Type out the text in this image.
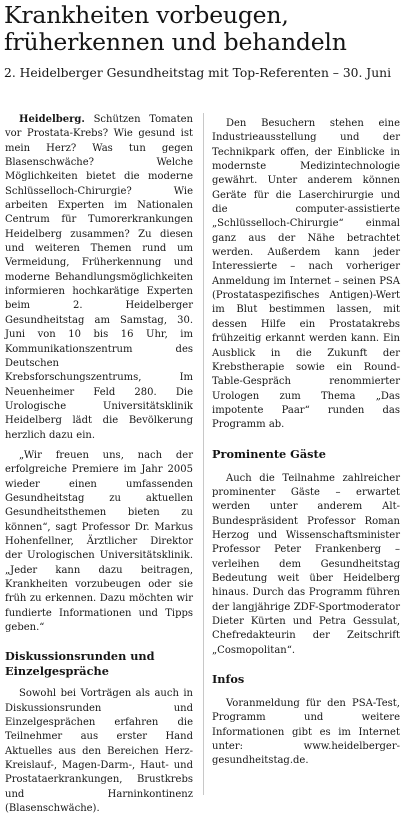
Krankheiten vorbeugen,
früherkennen und behandeln
2. Heidelberger Gesundheitstag mit Top-Referenten – 30. Juni

Heidelberg. Schützen Tomaten vor Prostata-Krebs? Wie gesund ist mein Herz? Was tun gegen Blasenschwäche? Welche Möglichkeiten bietet die moderne Schlüsselloch-Chirurgie? Wie arbeiten Experten im Nationalen Centrum für Tumorerkrankungen Heidelberg zusammen? Zu diesen und weiteren Themen rund um Vermeidung, Früherkennung und moderne Behandlungsmöglichkeiten informieren hochkarätige Experten beim 2. Heidelberger Gesundheitstag am Samstag, 30. Juni von 10 bis 16 Uhr, im Kommunikationszentrum des Deutschen Krebsforschungszentrums, Im Neuenheimer Feld 280. Die Urologische Universitätsklinik Heidelberg lädt die Bevölkerung herzlich dazu ein.

„Wir freuen uns, nach der erfolgreiche Premiere im Jahr 2005 wieder einen umfassenden Gesundheitstag zu aktuellen Gesundheitsthemen bieten zu können“, sagt Professor Dr. Markus Hohenfellner, Ärztlicher Direktor der Urologischen Universitätsklinik. „Jeder kann dazu beitragen, Krankheiten vorzubeugen oder sie früh zu erkennen. Dazu möchten wir fundierte Informationen und Tipps geben.“

Diskussionsrunden und Einzelgespräche

Sowohl bei Vorträgen als auch in Diskussionsrunden und Einzelgesprächen erfahren die Teilnehmer aus erster Hand Aktuelles aus den Bereichen Herz-Kreislauf-, Magen-Darm-, Haut- und Prostataerkrankungen, Brustkrebs und Harninkontinenz (Blasenschwäche).

Den Besuchern stehen eine Industrieausstellung und der Technikpark offen, der Einblicke in modernste Medizintechnologie gewährt. Unter anderem können Geräte für die Laserchirurgie und die computer-assistierte „Schlüsselloch-Chirurgie“ einmal ganz aus der Nähe betrachtet werden. Außerdem kann jeder Interessierte – nach vorheriger Anmeldung im Internet – seinen PSA (Prostataspezifisches Antigen)-Wert im Blut bestimmen lassen, mit dessen Hilfe ein Prostatakrebs frühzeitig erkannt werden kann. Ein Ausblick in die Zukunft der Krebstherapie sowie ein Round-Table-Gespräch renommierter Urologen zum Thema „Das impotente Paar“ runden das Programm ab.

Prominente Gäste

Auch die Teilnahme zahlreicher prominenter Gäste – erwartet werden unter anderem Alt-Bundespräsident Professor Roman Herzog und Wissenschaftsminister Professor Peter Frankenberg – verleihen dem Gesundheitstag Bedeutung weit über Heidelberg hinaus. Durch das Programm führen der langjährige ZDF-Sportmoderator Dieter Kürten und Petra Gessulat, Chefredakteurin der Zeitschrift „Cosmopolitan“.

Infos

Voranmeldung für den PSA-Test, Programm und weitere Informationen gibt es im Internet unter: www.heidelberger-gesundheitstag.de.
